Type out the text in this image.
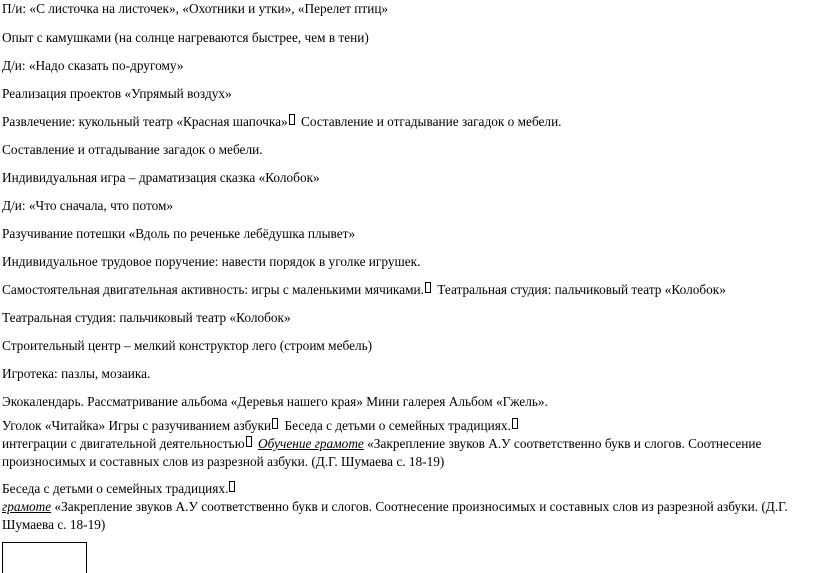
П/и: «С листочка на листочек», «Охотники и утки», «Перелет птиц»
Опыт с камушками (на солнце нагреваются быстрее, чем в тени)
Д/и: «Надо сказать по-другому»
Реализация проектов «Упрямый воздух»
Развлечение: кукольный театр «Красная шапочка» Составление и отгадывание загадок о мебели.
Составление и отгадывание загадок о мебели.
Индивидуальная игра – драматизация сказка «Колобок»
Д/и: «Что сначала, что потом»
Разучивание потешки «Вдоль по реченьке лебёдушка плывет»
Индивидуальное трудовое поручение: навести порядок в уголке игрушек.
Самостоятельная двигательная активность: игры с маленькими мячиками. Театральная студия: пальчиковый театр «Колобок»
Театральная студия: пальчиковый театр «Колобок»
Строительный центр – мелкий конструктор лего (строим мебель)
Игротека: пазлы, мозаика.
Экокалендарь. Рассматривание альбома «Деревья нашего края» Мини галерея Альбом «Гжель».
Уголок «Читайка» Игры с разучиванием азбуки Беседа с детьми о семейных традициях.
интеграции с двигательной деятельностью Обучение грамоте «Закрепление звуков А.У соответственно букв и слогов. Соотнесение произносимых и составных слов из разрезной азбуки. (Д.Г. Шумаева с. 18-19)
Беседа с детьми о семейных традициях.
грамоте «Закрепление звуков А.У соответственно букв и слогов. Соотнесение произносимых и составных слов из разрезной азбуки. (Д.Г. Шумаева с. 18-19)
